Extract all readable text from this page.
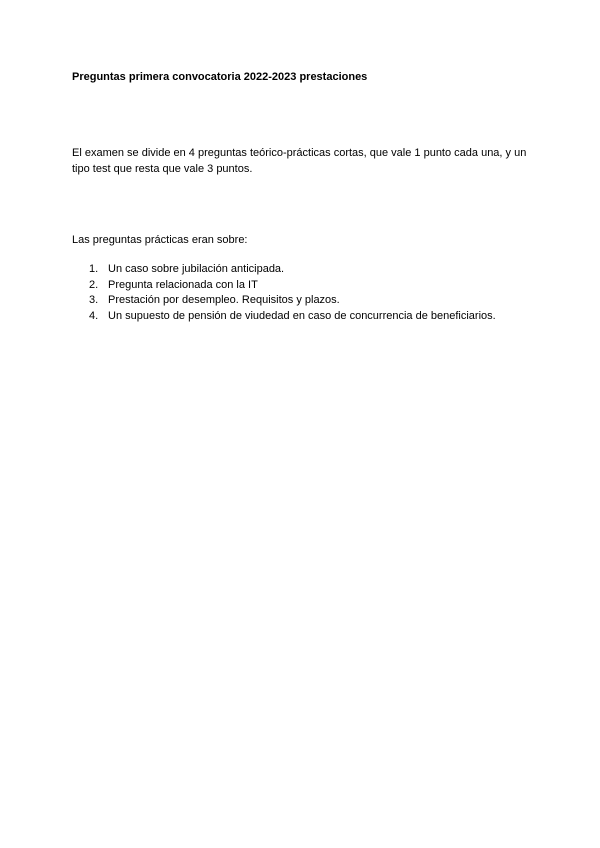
Preguntas primera convocatoria 2022-2023 prestaciones
El examen se divide en 4 preguntas teórico-prácticas cortas, que vale 1 punto cada una, y un tipo test que resta que vale 3 puntos.
Las preguntas prácticas eran sobre:
1. Un caso sobre jubilación anticipada.
2. Pregunta relacionada con la IT
3. Prestación por desempleo. Requisitos y plazos.
4. Un supuesto de pensión de viudedad en caso de concurrencia de beneficiarios.
